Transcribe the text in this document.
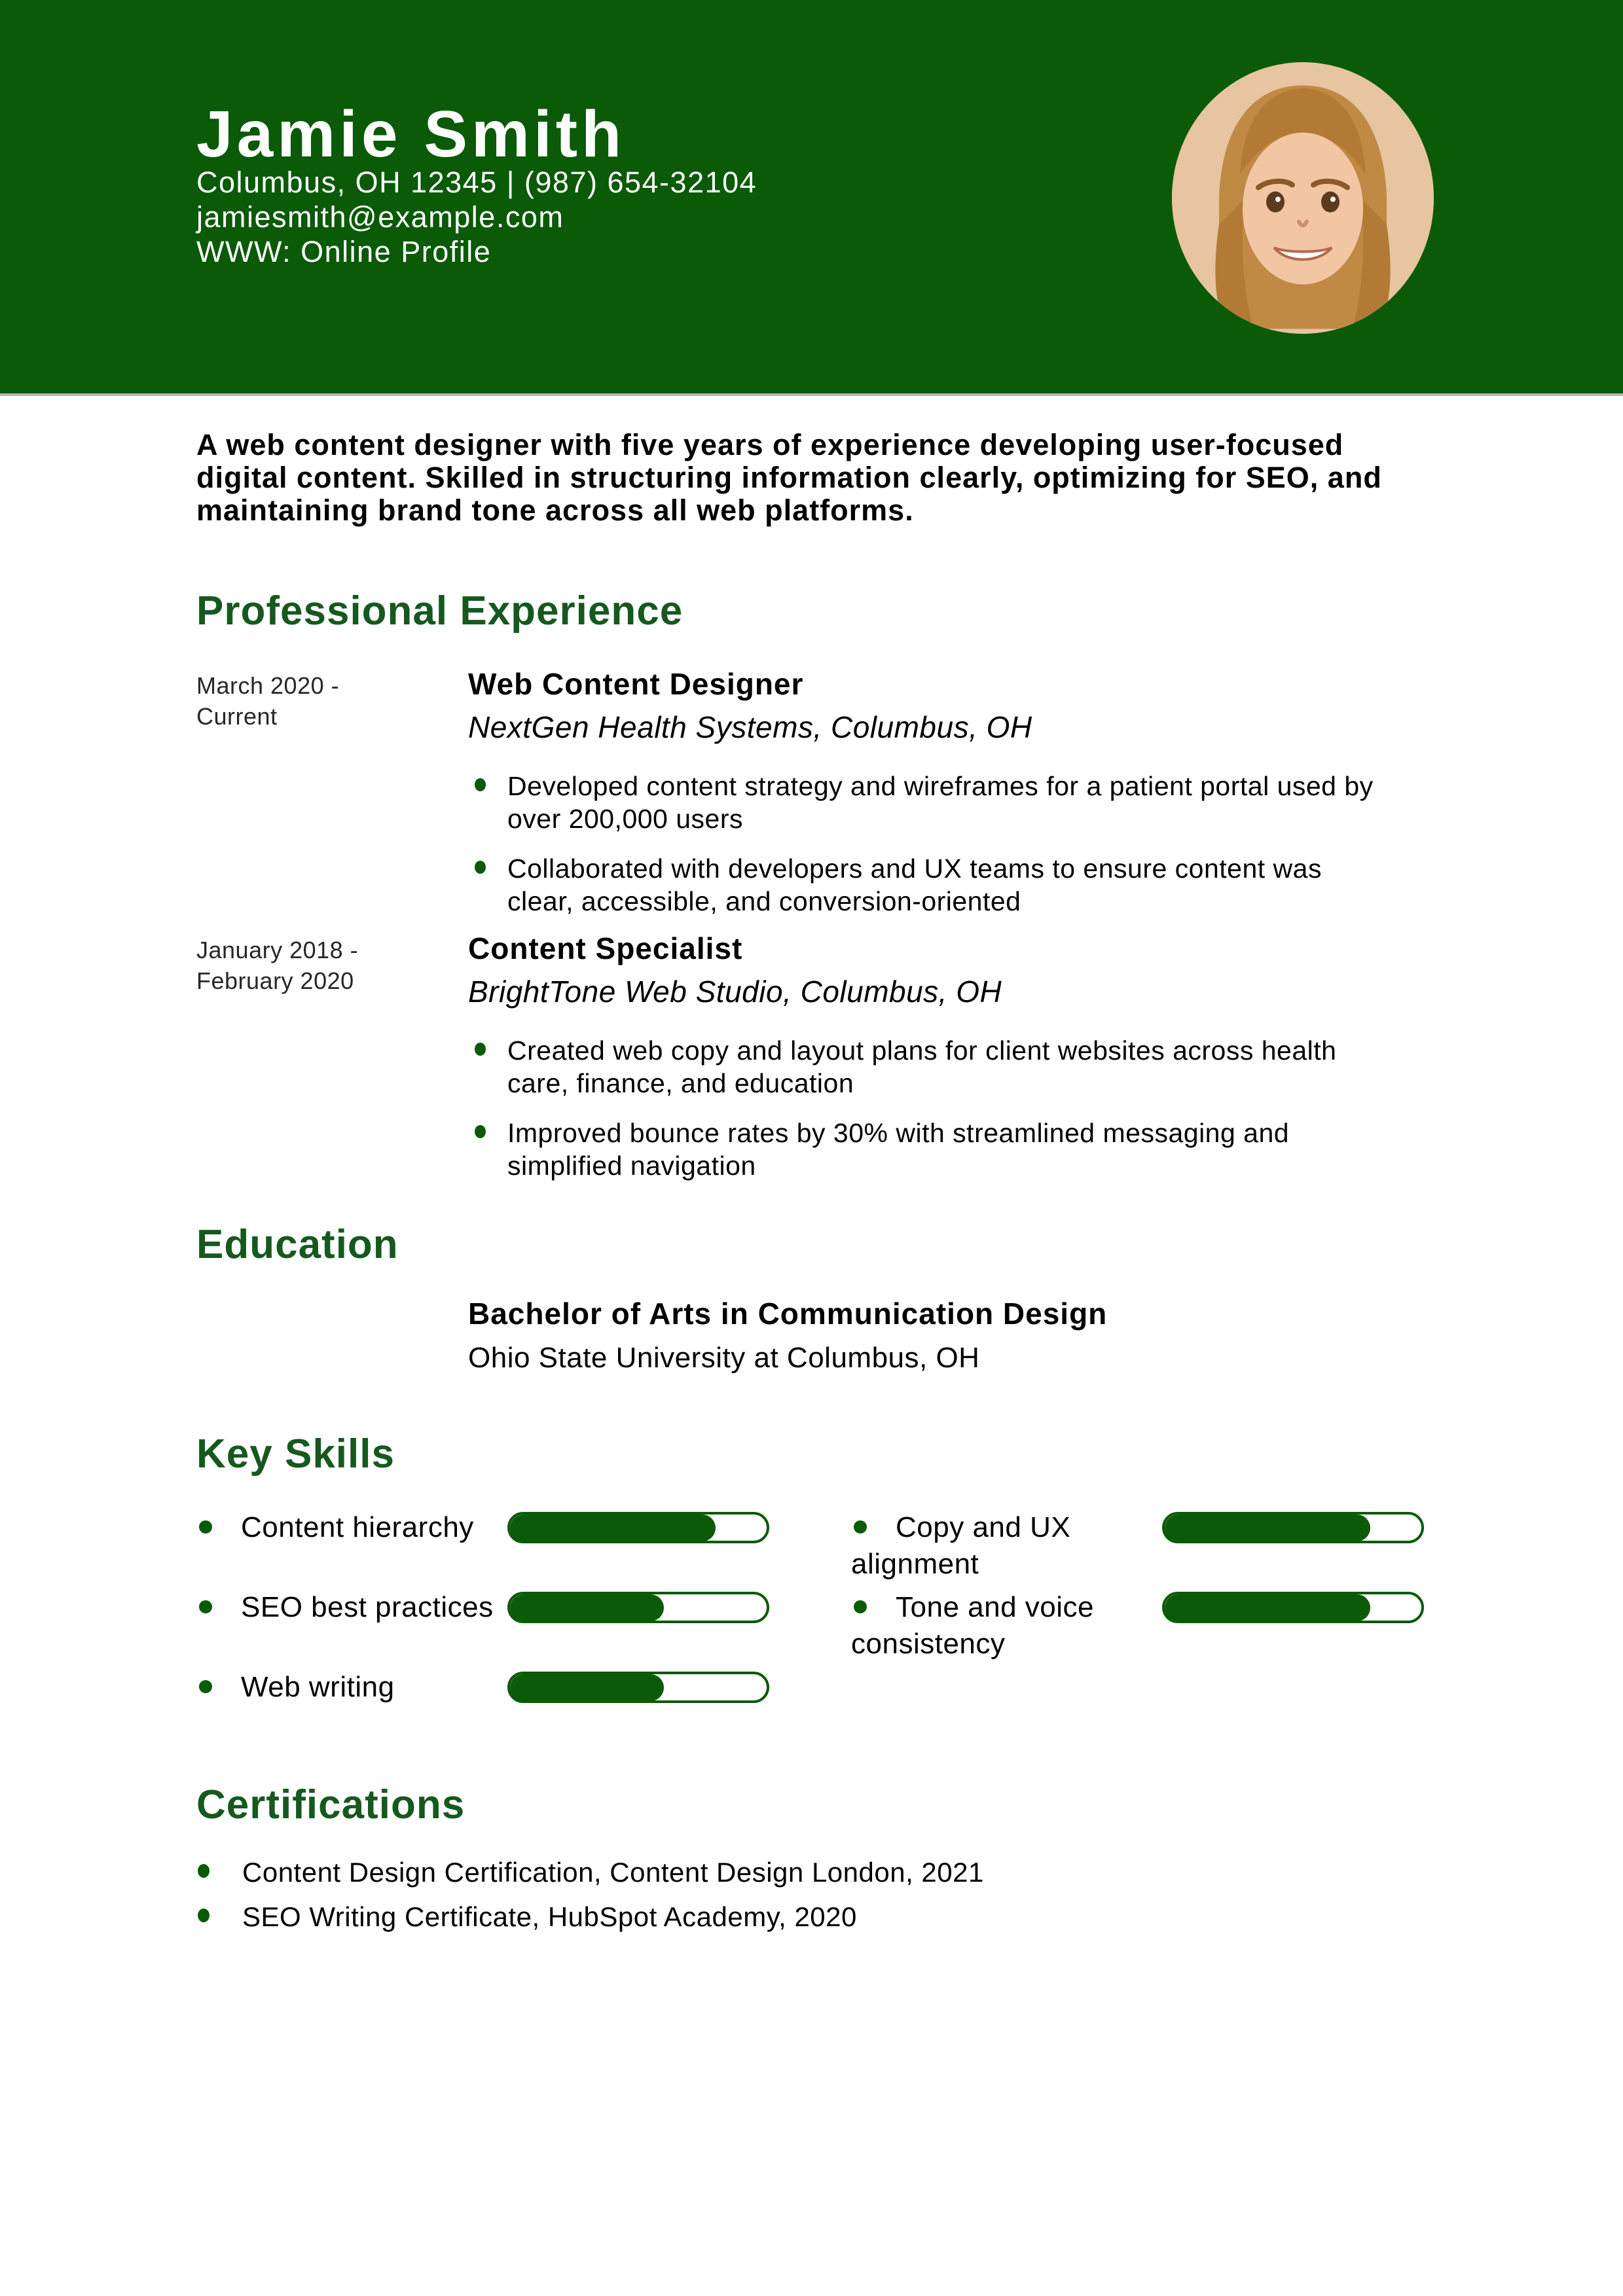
Jamie Smith
Columbus, OH 12345 | (987) 654-32104
jamiesmith@example.com
WWW: Online Profile
A web content designer with five years of experience developing user-focused digital content. Skilled in structuring information clearly, optimizing for SEO, and maintaining brand tone across all web platforms.
Professional Experience
March 2020 - Current
Web Content Designer
NextGen Health Systems, Columbus, OH
Developed content strategy and wireframes for a patient portal used by over 200,000 users
Collaborated with developers and UX teams to ensure content was clear, accessible, and conversion-oriented
January 2018 - February 2020
Content Specialist
BrightTone Web Studio, Columbus, OH
Created web copy and layout plans for client websites across health care, finance, and education
Improved bounce rates by 30% with streamlined messaging and simplified navigation
Education
Bachelor of Arts in Communication Design
Ohio State University at Columbus, OH
Key Skills
Content hierarchy
SEO best practices
Web writing
Copy and UX alignment
Tone and voice consistency
Certifications
Content Design Certification, Content Design London, 2021
SEO Writing Certificate, HubSpot Academy, 2020
